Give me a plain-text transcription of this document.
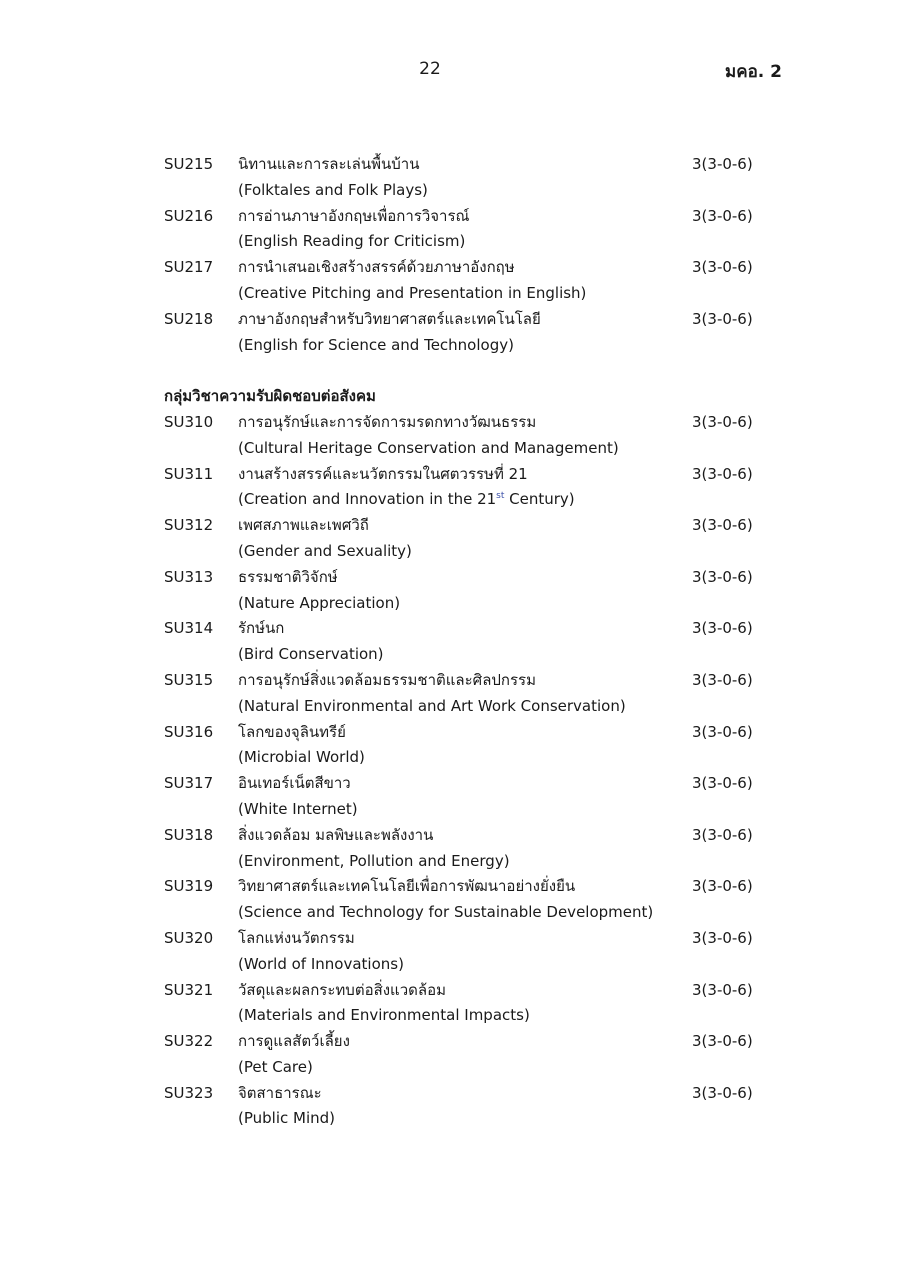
22	มคอ. 2
SU215 นิทานและการละเล่นพื้นบ้าน	3(3-0-6)
(Folktales and Folk Plays)
SU216 การอ่านภาษาอังกฤษเพื่อการวิจารณ์	3(3-0-6)
(English Reading for Criticism)
SU217 การนำเสนอเชิงสร้างสรรค์ด้วยภาษาอังกฤษ	3(3-0-6)
(Creative Pitching and Presentation in English)
SU218 ภาษาอังกฤษสำหรับวิทยาศาสตร์และเทคโนโลยี	3(3-0-6)
(English for Science and Technology)
กลุ่มวิชาความรับผิดชอบต่อสังคม
SU310 การอนุรักษ์และการจัดการมรดกทางวัฒนธรรม	3(3-0-6)
(Cultural Heritage Conservation and Management)
SU311 งานสร้างสรรค์และนวัตกรรมในศตวรรษที่ 21	3(3-0-6)
(Creation and Innovation in the 21st Century)
SU312 เพศสภาพและเพศวิถี	3(3-0-6)
(Gender and Sexuality)
SU313 ธรรมชาติวิจักษ์	3(3-0-6)
(Nature Appreciation)
SU314 รักษ์นก	3(3-0-6)
(Bird Conservation)
SU315 การอนุรักษ์สิ่งแวดล้อมธรรมชาติและศิลปกรรม	3(3-0-6)
(Natural Environmental and Art Work Conservation)
SU316 โลกของจุลินทรีย์	3(3-0-6)
(Microbial World)
SU317 อินเทอร์เน็ตสีขาว	3(3-0-6)
(White Internet)
SU318 สิ่งแวดล้อม มลพิษและพลังงาน	3(3-0-6)
(Environment, Pollution and Energy)
SU319 วิทยาศาสตร์และเทคโนโลยีเพื่อการพัฒนาอย่างยั่งยืน	3(3-0-6)
(Science and Technology for Sustainable Development)
SU320 โลกแห่งนวัตกรรม	3(3-0-6)
(World of Innovations)
SU321 วัสดุและผลกระทบต่อสิ่งแวดล้อม	3(3-0-6)
(Materials and Environmental Impacts)
SU322 การดูแลสัตว์เลี้ยง	3(3-0-6)
(Pet Care)
SU323 จิตสาธารณะ	3(3-0-6)
(Public Mind)
